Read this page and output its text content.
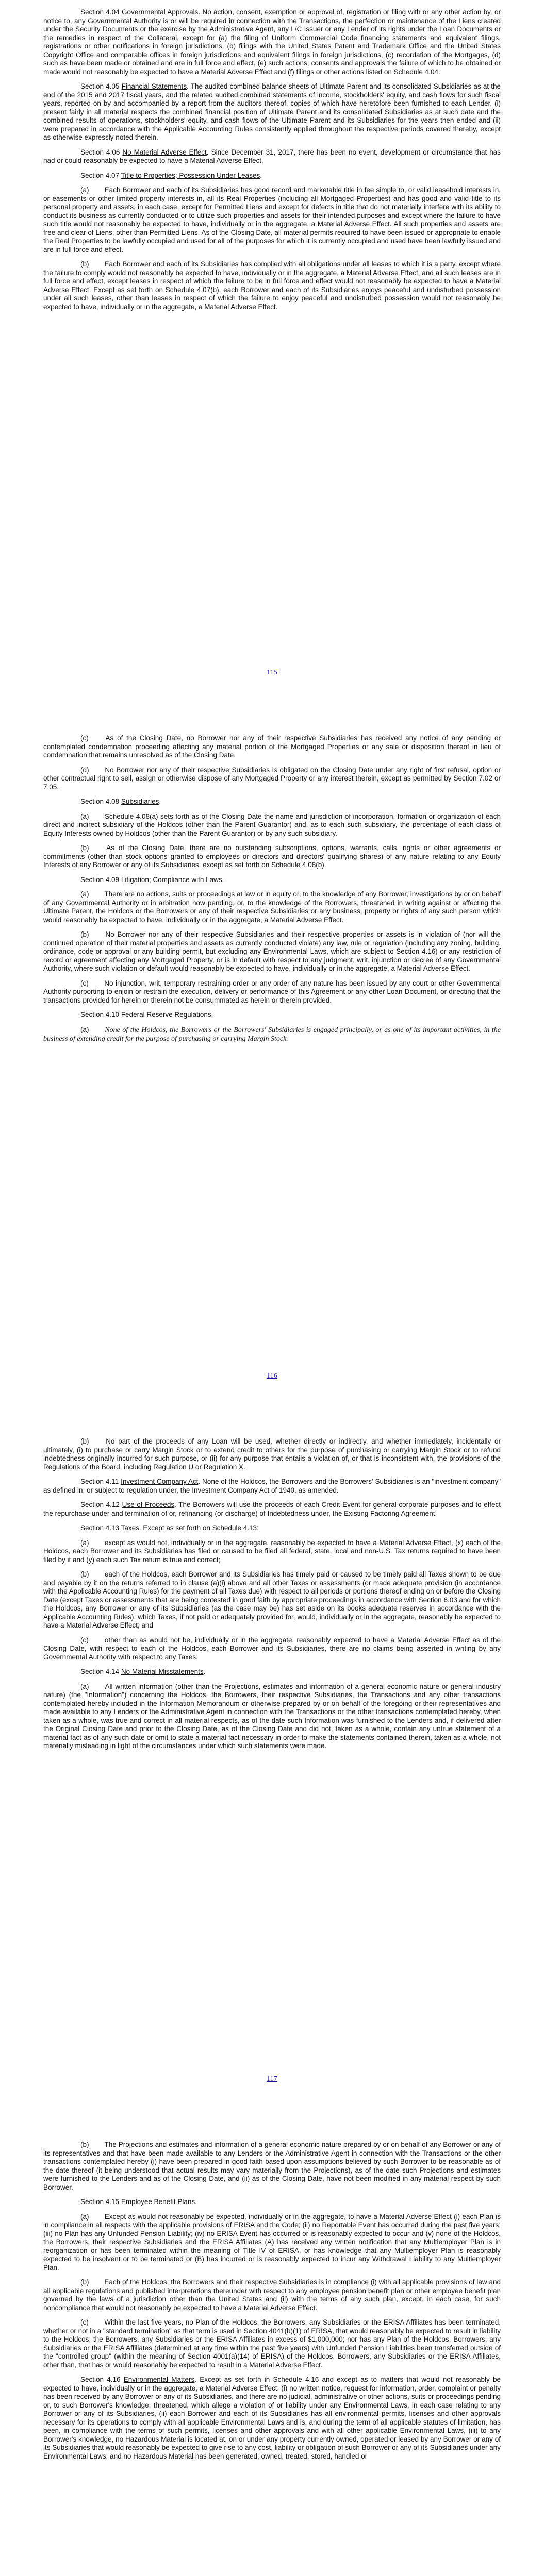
Section 4.04 Governmental Approvals. No action, consent, exemption or approval of, registration or filing with or any other action by, or notice to, any Governmental Authority is or will be required in connection with the Transactions, the perfection or maintenance of the Liens created under the Security Documents or the exercise by the Administrative Agent, any L/C Issuer or any Lender of its rights under the Loan Documents or the remedies in respect of the Collateral, except for (a) the filing of Uniform Commercial Code financing statements and equivalent filings, registrations or other notifications in foreign jurisdictions, (b) filings with the United States Patent and Trademark Office and the United States Copyright Office and comparable offices in foreign jurisdictions and equivalent filings in foreign jurisdictions, (c) recordation of the Mortgages, (d) such as have been made or obtained and are in full force and effect, (e) such actions, consents and approvals the failure of which to be obtained or made would not reasonably be expected to have a Material Adverse Effect and (f) filings or other actions listed on Schedule 4.04.

Section 4.05 Financial Statements. The audited combined balance sheets of Ultimate Parent and its consolidated Subsidiaries as at the end of the 2015 and 2017 fiscal years, and the related audited combined statements of income, stockholders' equity, and cash flows for such fiscal years, reported on by and accompanied by a report from the auditors thereof, copies of which have heretofore been furnished to each Lender, (i) present fairly in all material respects the combined financial position of Ultimate Parent and its consolidated Subsidiaries as at such date and the combined results of operations, stockholders' equity, and cash flows of the Ultimate Parent and its Subsidiaries for the years then ended and (ii) were prepared in accordance with the Applicable Accounting Rules consistently applied throughout the respective periods covered thereby, except as otherwise expressly noted therein.

Section 4.06 No Material Adverse Effect. Since December 31, 2017, there has been no event, development or circumstance that has had or could reasonably be expected to have a Material Adverse Effect.

Section 4.07 Title to Properties; Possession Under Leases.

(a) Each Borrower and each of its Subsidiaries has good record and marketable title in fee simple to, or valid leasehold interests in, or easements or other limited property interests in, all its Real Properties (including all Mortgaged Properties) and has good and valid title to its personal property and assets, in each case, except for Permitted Liens and except for defects in title that do not materially interfere with its ability to conduct its business as currently conducted or to utilize such properties and assets for their intended purposes and except where the failure to have such title would not reasonably be expected to have, individually or in the aggregate, a Material Adverse Effect. All such properties and assets are free and clear of Liens, other than Permitted Liens. As of the Closing Date, all material permits required to have been issued or appropriate to enable the Real Properties to be lawfully occupied and used for all of the purposes for which it is currently occupied and used have been lawfully issued and are in full force and effect.

(b) Each Borrower and each of its Subsidiaries has complied with all obligations under all leases to which it is a party, except where the failure to comply would not reasonably be expected to have, individually or in the aggregate, a Material Adverse Effect, and all such leases are in full force and effect, except leases in respect of which the failure to be in full force and effect would not reasonably be expected to have a Material Adverse Effect. Except as set forth on Schedule 4.07(b), each Borrower and each of its Subsidiaries enjoys peaceful and undisturbed possession under all such leases, other than leases in respect of which the failure to enjoy peaceful and undisturbed possession would not reasonably be expected to have, individually or in the aggregate, a Material Adverse Effect.

115

(c) As of the Closing Date, no Borrower nor any of their respective Subsidiaries has received any notice of any pending or contemplated condemnation proceeding affecting any material portion of the Mortgaged Properties or any sale or disposition thereof in lieu of condemnation that remains unresolved as of the Closing Date.

(d) No Borrower nor any of their respective Subsidiaries is obligated on the Closing Date under any right of first refusal, option or other contractual right to sell, assign or otherwise dispose of any Mortgaged Property or any interest therein, except as permitted by Section 7.02 or 7.05.

Section 4.08 Subsidiaries.

(a) Schedule 4.08(a) sets forth as of the Closing Date the name and jurisdiction of incorporation, formation or organization of each direct and indirect subsidiary of the Holdcos (other than the Parent Guarantor) and, as to each such subsidiary, the percentage of each class of Equity Interests owned by Holdcos (other than the Parent Guarantor) or by any such subsidiary.

(b) As of the Closing Date, there are no outstanding subscriptions, options, warrants, calls, rights or other agreements or commitments (other than stock options granted to employees or directors and directors' qualifying shares) of any nature relating to any Equity Interests of any Borrower or any of its Subsidiaries, except as set forth on Schedule 4.08(b).

Section 4.09 Litigation; Compliance with Laws.

(a) There are no actions, suits or proceedings at law or in equity or, to the knowledge of any Borrower, investigations by or on behalf of any Governmental Authority or in arbitration now pending, or, to the knowledge of the Borrowers, threatened in writing against or affecting the Ultimate Parent, the Holdcos or the Borrowers or any of their respective Subsidiaries or any business, property or rights of any such person which would reasonably be expected to have, individually or in the aggregate, a Material Adverse Effect.

(b) No Borrower nor any of their respective Subsidiaries and their respective properties or assets is in violation of (nor will the continued operation of their material properties and assets as currently conducted violate) any law, rule or regulation (including any zoning, building, ordinance, code or approval or any building permit, but excluding any Environmental Laws, which are subject to Section 4.16) or any restriction of record or agreement affecting any Mortgaged Property, or is in default with respect to any judgment, writ, injunction or decree of any Governmental Authority, where such violation or default would reasonably be expected to have, individually or in the aggregate, a Material Adverse Effect.

(c) No injunction, writ, temporary restraining order or any order of any nature has been issued by any court or other Governmental Authority purporting to enjoin or restrain the execution, delivery or performance of this Agreement or any other Loan Document, or directing that the transactions provided for herein or therein not be consummated as herein or therein provided.

Section 4.10 Federal Reserve Regulations.

(a) None of the Holdcos, the Borrowers or the Borrowers' Subsidiaries is engaged principally, or as one of its important activities, in the business of extending credit for the purpose of purchasing or carrying Margin Stock.

116

(b) No part of the proceeds of any Loan will be used, whether directly or indirectly, and whether immediately, incidentally or ultimately, (i) to purchase or carry Margin Stock or to extend credit to others for the purpose of purchasing or carrying Margin Stock or to refund indebtedness originally incurred for such purpose, or (ii) for any purpose that entails a violation of, or that is inconsistent with, the provisions of the Regulations of the Board, including Regulation U or Regulation X.

Section 4.11 Investment Company Act. None of the Holdcos, the Borrowers and the Borrowers' Subsidiaries is an "investment company" as defined in, or subject to regulation under, the Investment Company Act of 1940, as amended.

Section 4.12 Use of Proceeds. The Borrowers will use the proceeds of each Credit Event for general corporate purposes and to effect the repurchase under and termination of or, refinancing (or discharge) of Indebtedness under, the Existing Factoring Agreement.

Section 4.13 Taxes. Except as set forth on Schedule 4.13:

(a) except as would not, individually or in the aggregate, reasonably be expected to have a Material Adverse Effect, (x) each of the Holdcos, each Borrower and its Subsidiaries has filed or caused to be filed all federal, state, local and non-U.S. Tax returns required to have been filed by it and (y) each such Tax return is true and correct;

(b) each of the Holdcos, each Borrower and its Subsidiaries has timely paid or caused to be timely paid all Taxes shown to be due and payable by it on the returns referred to in clause (a)(i) above and all other Taxes or assessments (or made adequate provision (in accordance with the Applicable Accounting Rules) for the payment of all Taxes due) with respect to all periods or portions thereof ending on or before the Closing Date (except Taxes or assessments that are being contested in good faith by appropriate proceedings in accordance with Section 6.03 and for which the Holdcos, any Borrower or any of its Subsidiaries (as the case may be) has set aside on its books adequate reserves in accordance with the Applicable Accounting Rules), which Taxes, if not paid or adequately provided for, would, individually or in the aggregate, reasonably be expected to have a Material Adverse Effect; and

(c) other than as would not be, individually or in the aggregate, reasonably expected to have a Material Adverse Effect as of the Closing Date, with respect to each of the Holdcos, each Borrower and its Subsidiaries, there are no claims being asserted in writing by any Governmental Authority with respect to any Taxes.

Section 4.14 No Material Misstatements.

(a) All written information (other than the Projections, estimates and information of a general economic nature or general industry nature) (the "Information") concerning the Holdcos, the Borrowers, their respective Subsidiaries, the Transactions and any other transactions contemplated hereby included in the Information Memorandum or otherwise prepared by or on behalf of the foregoing or their representatives and made available to any Lenders or the Administrative Agent in connection with the Transactions or the other transactions contemplated hereby, when taken as a whole, was true and correct in all material respects, as of the date such Information was furnished to the Lenders and, if delivered after the Original Closing Date and prior to the Closing Date, as of the Closing Date and did not, taken as a whole, contain any untrue statement of a material fact as of any such date or omit to state a material fact necessary in order to make the statements contained therein, taken as a whole, not materially misleading in light of the circumstances under which such statements were made.

117

(b) The Projections and estimates and information of a general economic nature prepared by or on behalf of any Borrower or any of its representatives and that have been made available to any Lenders or the Administrative Agent in connection with the Transactions or the other transactions contemplated hereby (i) have been prepared in good faith based upon assumptions believed by such Borrower to be reasonable as of the date thereof (it being understood that actual results may vary materially from the Projections), as of the date such Projections and estimates were furnished to the Lenders and as of the Closing Date, and (ii) as of the Closing Date, have not been modified in any material respect by such Borrower.

Section 4.15 Employee Benefit Plans.

(a) Except as would not reasonably be expected, individually or in the aggregate, to have a Material Adverse Effect (i) each Plan is in compliance in all respects with the applicable provisions of ERISA and the Code; (ii) no Reportable Event has occurred during the past five years; (iii) no Plan has any Unfunded Pension Liability; (iv) no ERISA Event has occurred or is reasonably expected to occur and (v) none of the Holdcos, the Borrowers, their respective Subsidiaries and the ERISA Affiliates (A) has received any written notification that any Multiemployer Plan is in reorganization or has been terminated within the meaning of Title IV of ERISA, or has knowledge that any Multiemployer Plan is reasonably expected to be insolvent or to be terminated or (B) has incurred or is reasonably expected to incur any Withdrawal Liability to any Multiemployer Plan.

(b) Each of the Holdcos, the Borrowers and their respective Subsidiaries is in compliance (i) with all applicable provisions of law and all applicable regulations and published interpretations thereunder with respect to any employee pension benefit plan or other employee benefit plan governed by the laws of a jurisdiction other than the United States and (ii) with the terms of any such plan, except, in each case, for such noncompliance that would not reasonably be expected to have a Material Adverse Effect.

(c) Within the last five years, no Plan of the Holdcos, the Borrowers, any Subsidiaries or the ERISA Affiliates has been terminated, whether or not in a "standard termination" as that term is used in Section 4041(b)(1) of ERISA, that would reasonably be expected to result in liability to the Holdcos, the Borrowers, any Subsidiaries or the ERISA Affiliates in excess of $1,000,000; nor has any Plan of the Holdcos, Borrowers, any Subsidiaries or the ERISA Affiliates (determined at any time within the past five years) with Unfunded Pension Liabilities been transferred outside of the "controlled group" (within the meaning of Section 4001(a)(14) of ERISA) of the Holdcos, Borrowers, any Subsidiaries or the ERISA Affiliates, other than, that has or would reasonably be expected to result in a Material Adverse Effect.

Section 4.16 Environmental Matters. Except as set forth in Schedule 4.16 and except as to matters that would not reasonably be expected to have, individually or in the aggregate, a Material Adverse Effect: (i) no written notice, request for information, order, complaint or penalty has been received by any Borrower or any of its Subsidiaries, and there are no judicial, administrative or other actions, suits or proceedings pending or, to such Borrower's knowledge, threatened, which allege a violation of or liability under any Environmental Laws, in each case relating to any Borrower or any of its Subsidiaries, (ii) each Borrower and each of its Subsidiaries has all environmental permits, licenses and other approvals necessary for its operations to comply with all applicable Environmental Laws and is, and during the term of all applicable statutes of limitation, has been, in compliance with the terms of such permits, licenses and other approvals and with all other applicable Environmental Laws, (iii) to any Borrower's knowledge, no Hazardous Material is located at, on or under any property currently owned, operated or leased by any Borrower or any of its Subsidiaries that would reasonably be expected to give rise to any cost, liability or obligation of such Borrower or any of its Subsidiaries under any Environmental Laws, and no Hazardous Material has been generated, owned, treated, stored, handled or
